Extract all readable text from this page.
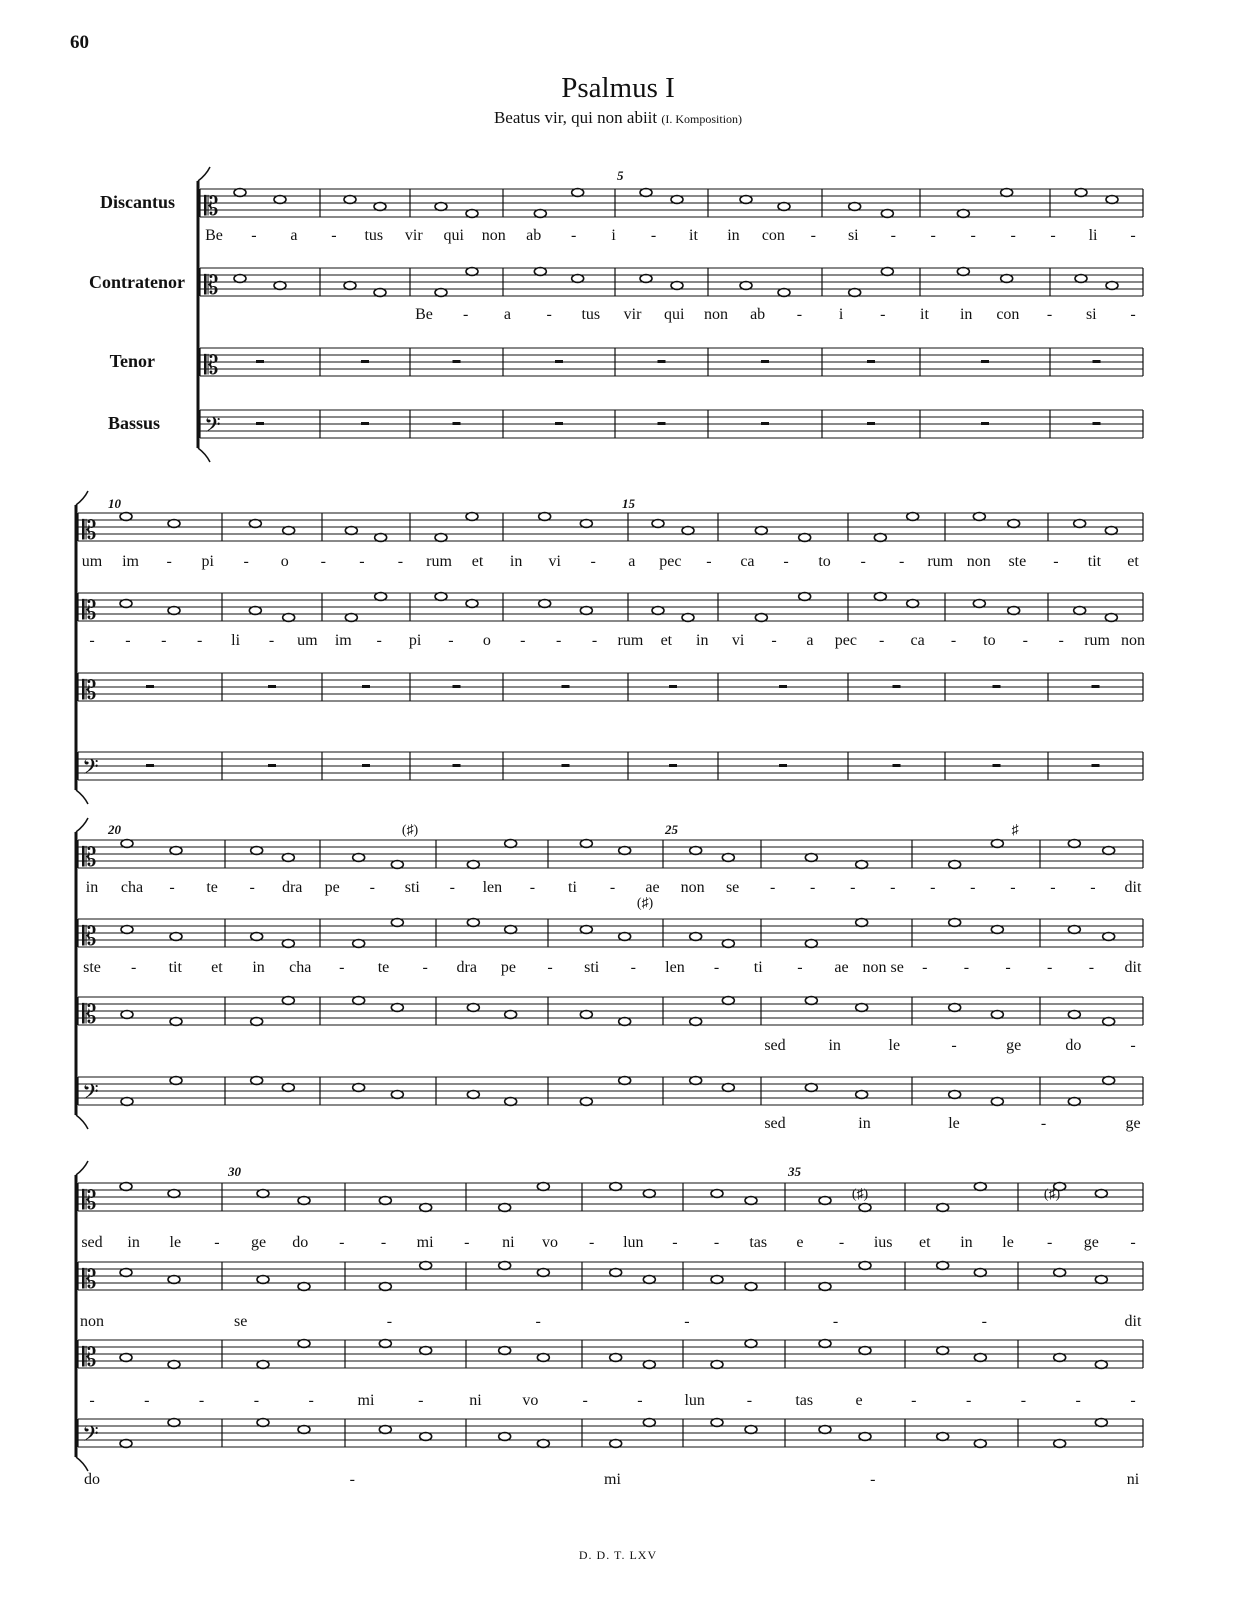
60
Psalmus I
Beatus vir, qui non abiit (I. Komposition)
Discantus
Contratenor
Tenor
Bassus
𝄡
Be - a - tus vir qui non ab - i - it in con - si - - - - - li -
𝄡
Be - a - tus vir qui non ab - i - it in con - si -
𝄡
𝄢
5
𝄡
um im - pi - o - - - rum et in vi - a pec - ca - to - - rum non ste - tit et
𝄡
- - - - li - um im - pi - o - - - rum et in vi - a pec - ca - to - - rum non
𝄡
𝄢
10	15
𝄡
in cha - te - dra pe - sti - len - ti - ae non se - - - - - - - - - dit
𝄡
ste - tit et in cha - te - dra pe - sti - len - ti - ae non se - - - - - dit
𝄡
sed	in	le	-	ge	do	-
𝄢
sed	in	le	-	ge
20	25
(♯)
(♯)
♯
𝄡
sed in le - ge do - - mi - ni vo - lun - - tas e - ius et in le - ge -
𝄡
non	se	-	-	-	-	-	dit
𝄡
-	-	-	-	-	mi	-	ni	vo	-	-	lun	-	tas	e	-	-	-	-	-
𝄢
do	-	mi	-	ni
30	35
(♯)	(♯)
D. D. T. LXV
